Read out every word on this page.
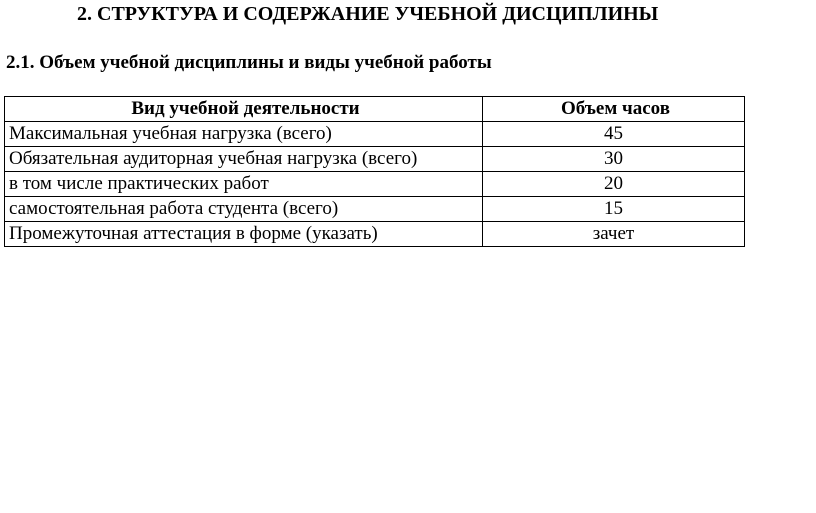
2. СТРУКТУРА И СОДЕРЖАНИЕ УЧЕБНОЙ ДИСЦИПЛИНЫ
2.1. Объем учебной дисциплины и виды учебной работы
Вид учебной деятельности	Объем часов
Максимальная учебная нагрузка (всего)	45
Обязательная аудиторная учебная нагрузка (всего)	30
в том числе практических работ	20
самостоятельная работа студента (всего)	15
Промежуточная аттестация в форме (указать)	зачет
